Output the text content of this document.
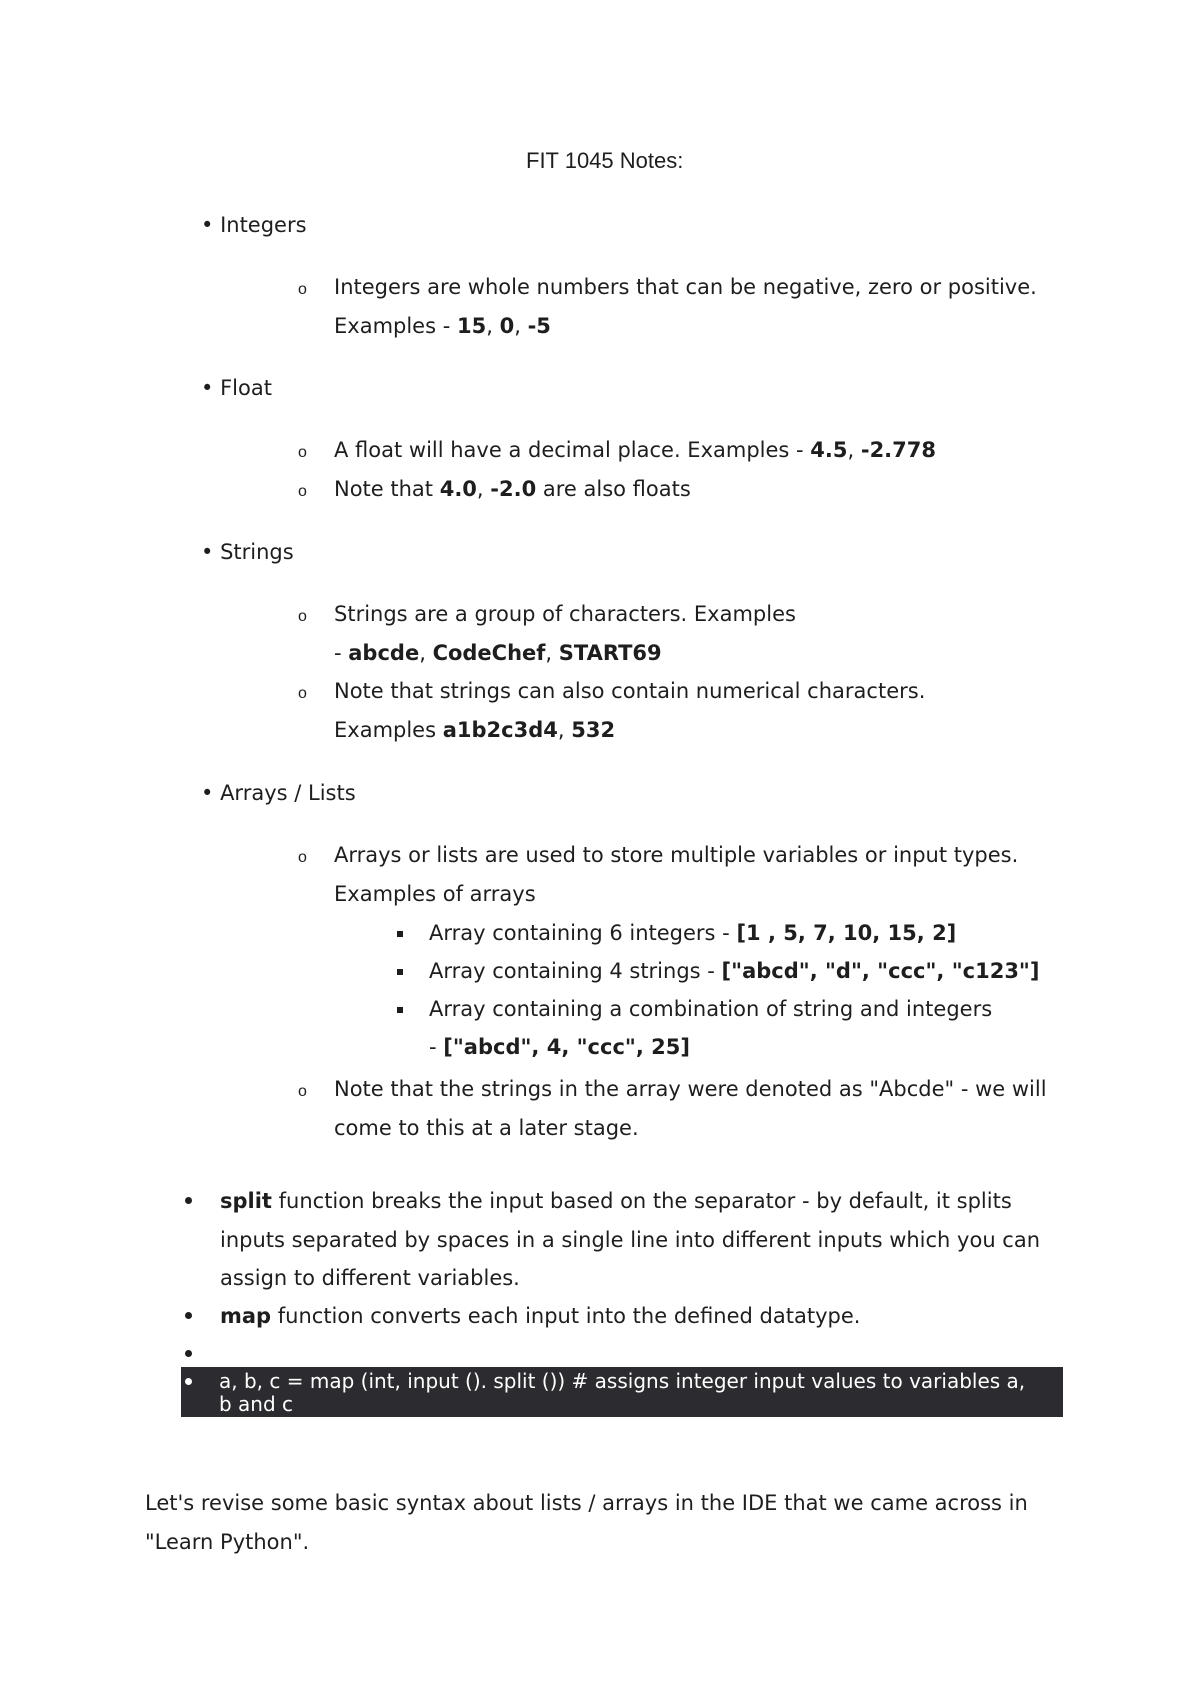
FIT 1045 Notes:
• Integers
o Integers are whole numbers that can be negative, zero or positive.
Examples - 15, 0, -5
• Float
o A float will have a decimal place. Examples - 4.5, -2.778
o Note that 4.0, -2.0 are also floats
• Strings
o Strings are a group of characters. Examples
- abcde, CodeChef, START69
o Note that strings can also contain numerical characters.
Examples a1b2c3d4, 532
• Arrays / Lists
o Arrays or lists are used to store multiple variables or input types.
Examples of arrays
Array containing 6 integers - [1 , 5, 7, 10, 15, 2]
Array containing 4 strings - ["abcd", "d", "ccc", "c123"]
Array containing a combination of string and integers
- ["abcd", 4, "ccc", 25]
o Note that the strings in the array were denoted as "Abcde" - we will
come to this at a later stage.
split function breaks the input based on the separator - by default, it splits
inputs separated by spaces in a single line into different inputs which you can
assign to different variables.
map function converts each input into the defined datatype.
a, b, c = map (int, input (). split ()) # assigns integer input values to variables a,
b and c
Let's revise some basic syntax about lists / arrays in the IDE that we came across in
"Learn Python".
